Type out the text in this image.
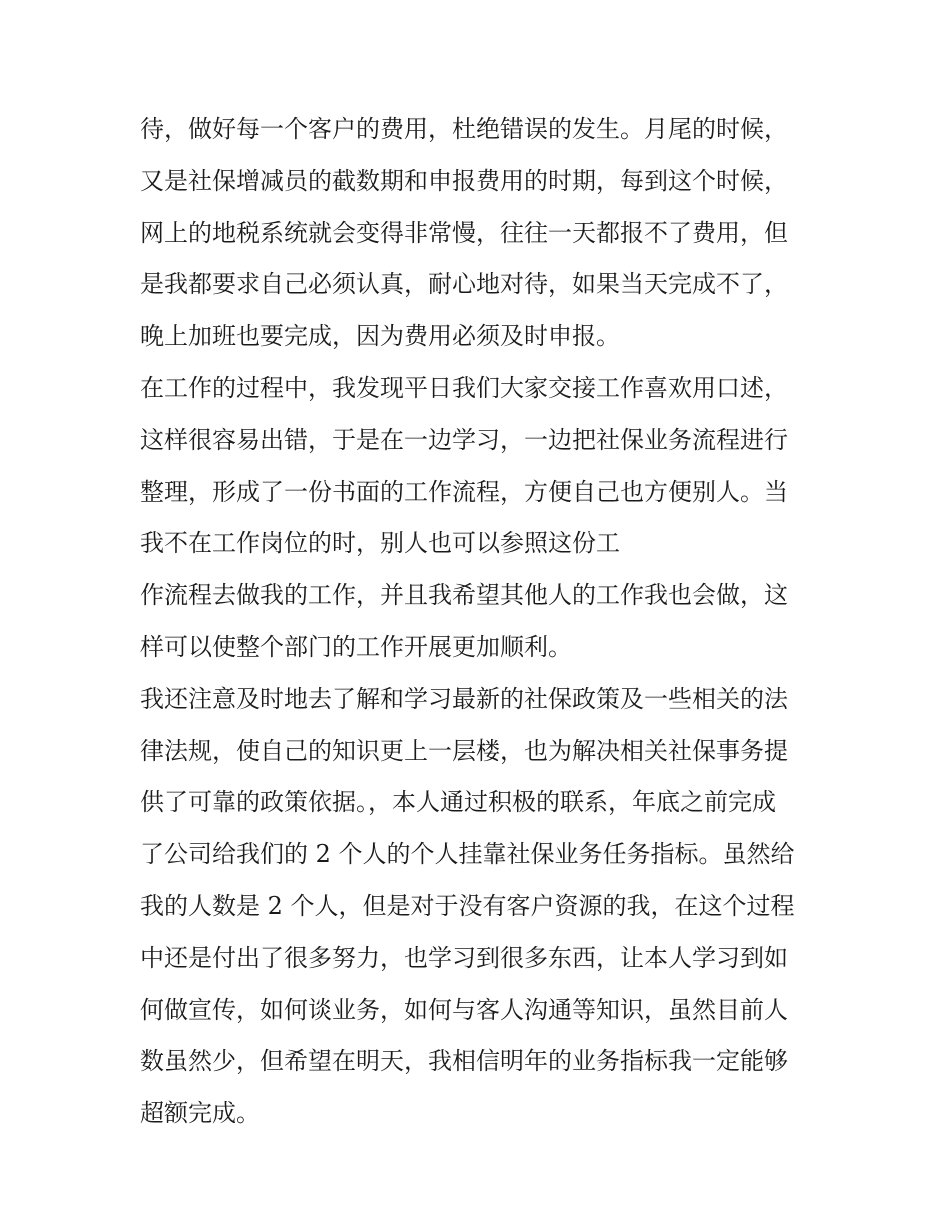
待，做好每一个客户的费用，杜绝错误的发生。月尾的时候，
又是社保增减员的截数期和申报费用的时期，每到这个时候，
网上的地税系统就会变得非常慢，往往一天都报不了费用，但
是我都要求自己必须认真，耐心地对待，如果当天完成不了，
晚上加班也要完成，因为费用必须及时申报。
在工作的过程中，我发现平日我们大家交接工作喜欢用口述，
这样很容易出错，于是在一边学习，一边把社保业务流程进行
整理，形成了一份书面的工作流程，方便自己也方便别人。当
我不在工作岗位的时，别人也可以参照这份工
作流程去做我的工作，并且我希望其他人的工作我也会做，这
样可以使整个部门的工作开展更加顺利。
我还注意及时地去了解和学习最新的社保政策及一些相关的法
律法规，使自己的知识更上一层楼，也为解决相关社保事务提
供了可靠的政策依据。，本人通过积极的联系，年底之前完成
了公司给我们的 2 个人的个人挂靠社保业务任务指标。虽然给
我的人数是 2 个人，但是对于没有客户资源的我，在这个过程
中还是付出了很多努力，也学习到很多东西，让本人学习到如
何做宣传，如何谈业务，如何与客人沟通等知识，虽然目前人
数虽然少，但希望在明天，我相信明年的业务指标我一定能够
超额完成。
